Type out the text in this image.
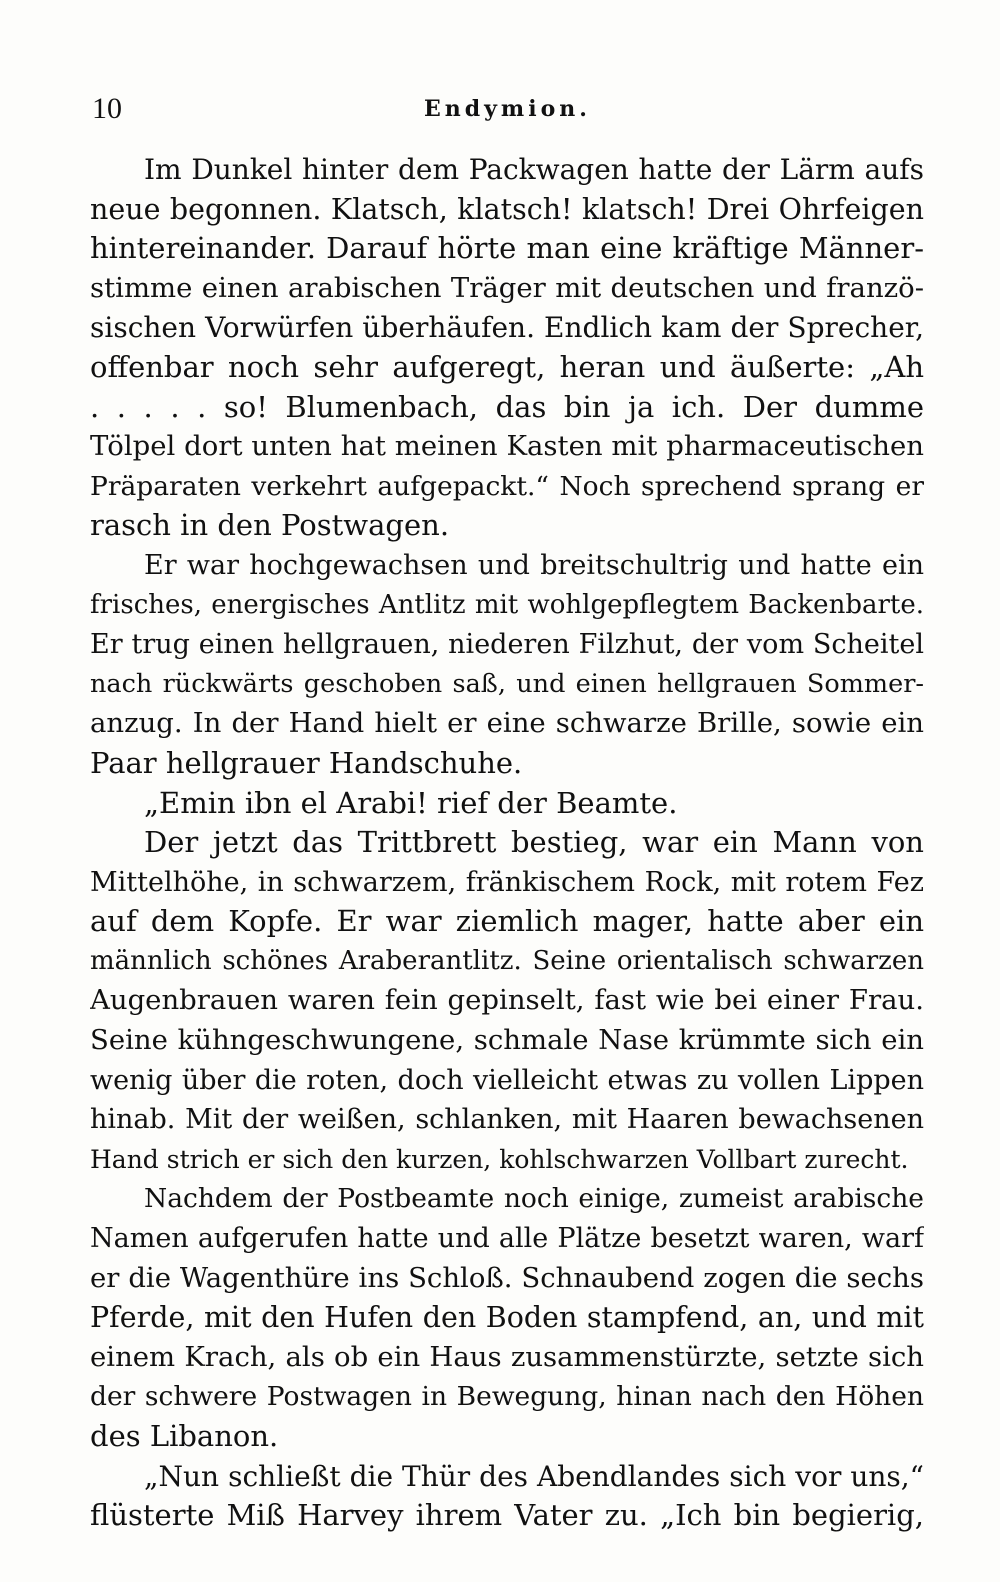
10	Endymion.
Im Dunkel hinter dem Packwagen hatte der Lärm aufs
neue begonnen. Klatsch, klatsch! klatsch! Drei Ohrfeigen
hintereinander. Darauf hörte man eine kräftige Männer-
stimme einen arabischen Träger mit deutschen und franzö-
sischen Vorwürfen überhäufen. Endlich kam der Sprecher,
offenbar noch sehr aufgeregt, heran und äußerte: „Ah
. . . . . so! Blumenbach, das bin ja ich. Der dumme
Tölpel dort unten hat meinen Kasten mit pharmaceutischen
Präparaten verkehrt aufgepackt.“ Noch sprechend sprang er
rasch in den Postwagen.
Er war hochgewachsen und breitschultrig und hatte ein
frisches, energisches Antlitz mit wohlgepflegtem Backenbarte.
Er trug einen hellgrauen, niederen Filzhut, der vom Scheitel
nach rückwärts geschoben saß, und einen hellgrauen Sommer-
anzug. In der Hand hielt er eine schwarze Brille, sowie ein
Paar hellgrauer Handschuhe.
„Emin ibn el Arabi! rief der Beamte.
Der jetzt das Trittbrett bestieg, war ein Mann von
Mittelhöhe, in schwarzem, fränkischem Rock, mit rotem Fez
auf dem Kopfe. Er war ziemlich mager, hatte aber ein
männlich schönes Araberantlitz. Seine orientalisch schwarzen
Augenbrauen waren fein gepinselt, fast wie bei einer Frau.
Seine kühngeschwungene, schmale Nase krümmte sich ein
wenig über die roten, doch vielleicht etwas zu vollen Lippen
hinab. Mit der weißen, schlanken, mit Haaren bewachsenen
Hand strich er sich den kurzen, kohlschwarzen Vollbart zurecht.
Nachdem der Postbeamte noch einige, zumeist arabische
Namen aufgerufen hatte und alle Plätze besetzt waren, warf
er die Wagenthüre ins Schloß. Schnaubend zogen die sechs
Pferde, mit den Hufen den Boden stampfend, an, und mit
einem Krach, als ob ein Haus zusammenstürzte, setzte sich
der schwere Postwagen in Bewegung, hinan nach den Höhen
des Libanon.
„Nun schließt die Thür des Abendlandes sich vor uns,“
flüsterte Miß Harvey ihrem Vater zu. „Ich bin begierig,
